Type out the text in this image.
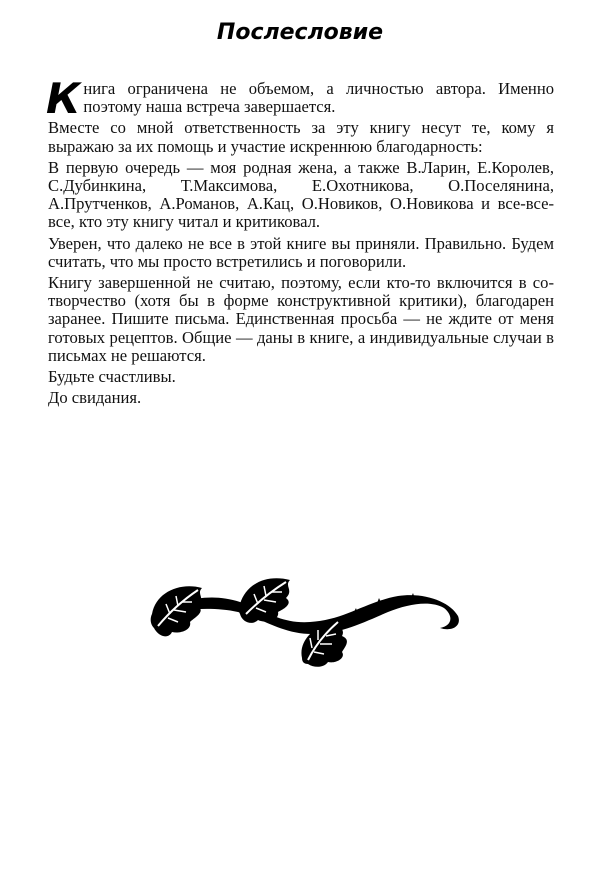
Послесловие

Книга ограничена не объемом, а личностью автора. Именно поэтому наша встреча завершается.

Вместе со мной ответственность за эту книгу несут те, кому я выражаю за их помощь и участие искреннюю благодарность:

В первую очередь — моя родная жена, а также В.Ларин, Е.Королев, С.Дубинкина, Т.Максимова, Е.Охотникова, О.Поселянина, А.Прутченков, А.Романов, А.Кац, О.Новиков, О.Новикова и все-все-все, кто эту книгу читал и критиковал.

Уверен, что далеко не все в этой книге вы приняли. Правильно. Будем считать, что мы просто встретились и поговорили.

Книгу завершенной не считаю, поэтому, если кто-то включится в со-творчество (хотя бы в форме конструктивной критики), благодарен заранее. Пишите письма. Единственная просьба — не ждите от меня готовых рецептов. Общие — даны в книге, а индивидуальные случаи в письмах не решаются.

Будьте счастливы.

До свидания.
